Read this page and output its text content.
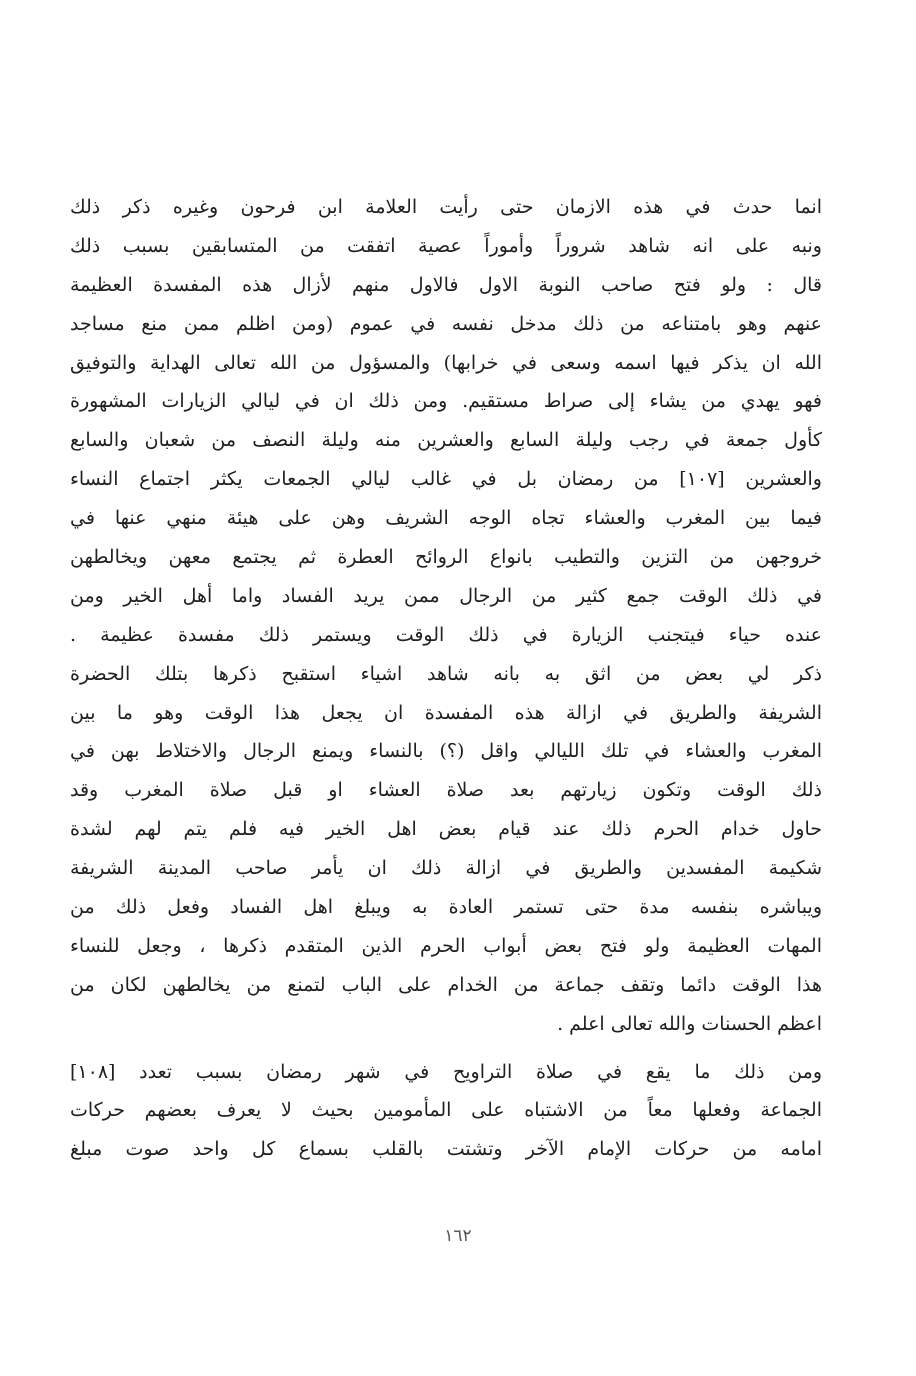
انما حدث في هذه الازمان حتى رأيت العلامة ابن فرحون وغيره ذكر ذلك
ونبه على انه شاهد شروراً وأموراً عصية اتفقت من المتسابقين بسبب ذلك
قال : ولو فتح صاحب النوبة الاول فالاول منهم لأزال هذه المفسدة العظيمة
عنهم وهو بامتناعه من ذلك مدخل نفسه في عموم (ومن اظلم ممن منع مساجد
الله ان يذكر فيها اسمه وسعى في خرابها) والمسؤول من الله تعالى الهداية والتوفيق
فهو يهدي من يشاء إلى صراط مستقيم. ومن ذلك ان في ليالي الزيارات المشهورة
كأول جمعة في رجب وليلة السابع والعشرين منه وليلة النصف من شعبان والسابع
والعشرين [١٠٧] من رمضان بل في غالب ليالي الجمعات يكثر اجتماع النساء
فيما بين المغرب والعشاء تجاه الوجه الشريف وهن على هيئة منهي عنها في
خروجهن من التزين والتطيب بانواع الروائح العطرة ثم يجتمع معهن ويخالطهن
في ذلك الوقت جمع كثير من الرجال ممن يريد الفساد واما أهل الخير ومن
عنده حياء فيتجنب الزيارة في ذلك الوقت ويستمر ذلك مفسدة عظيمة .
ذكر لي بعض من اثق به بانه شاهد اشياء استقبح ذكرها بتلك الحضرة
الشريفة والطريق في ازالة هذه المفسدة ان يجعل هذا الوقت وهو ما بين
المغرب والعشاء في تلك الليالي واقل (؟) بالنساء ويمنع الرجال والاختلاط بهن في
ذلك الوقت وتكون زيارتهم بعد صلاة العشاء او قبل صلاة المغرب وقد
حاول خدام الحرم ذلك عند قيام بعض اهل الخير فيه فلم يتم لهم لشدة
شكيمة المفسدين والطريق في ازالة ذلك ان يأمر صاحب المدينة الشريفة
ويباشره بنفسه مدة حتى تستمر العادة به ويبلغ اهل الفساد وفعل ذلك من
المهات العظيمة ولو فتح بعض أبواب الحرم الذين المتقدم ذكرها ، وجعل للنساء
هذا الوقت دائما وتقف جماعة من الخدام على الباب لتمنع من يخالطهن لكان من
اعظم الحسنات والله تعالى اعلم .
ومن ذلك ما يقع في صلاة التراويح في شهر رمضان بسبب تعدد [١٠٨]
الجماعة وفعلها معاً من الاشتباه على المأمومين بحيث لا يعرف بعضهم حركات
امامه من حركات الإمام الآخر وتشتت بالقلب بسماع كل واحد صوت مبلغ
١٦٢
